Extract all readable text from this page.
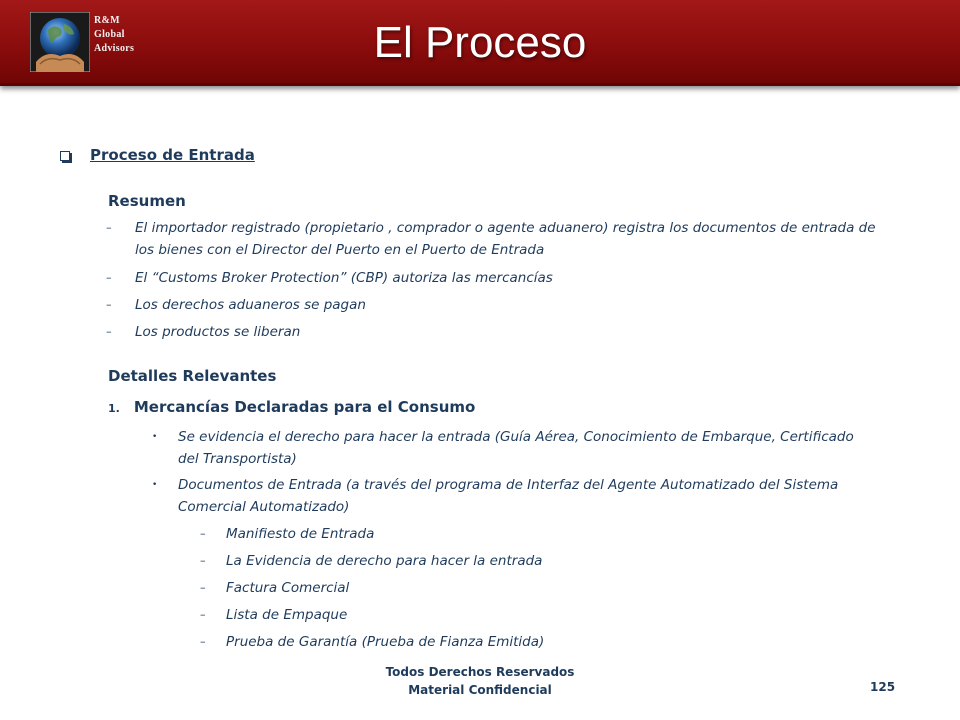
R&M
Global
Advisors	El Proceso
Proceso de Entrada
Resumen
– El importador registrado (propietario , comprador o agente aduanero) registra los documentos de entrada de los bienes con el Director del Puerto en el Puerto de Entrada
– El “Customs Broker Protection” (CBP) autoriza las mercancías
– Los derechos aduaneros se pagan
– Los productos se liberan
Detalles Relevantes
1. Mercancías Declaradas para el Consumo
• Se evidencia el derecho para hacer la entrada (Guía Aérea, Conocimiento de Embarque, Certificado del Transportista)
• Documentos de Entrada (a través del programa de Interfaz del Agente Automatizado del Sistema Comercial Automatizado)
– Manifiesto de Entrada
– La Evidencia de derecho para hacer la entrada
– Factura Comercial
– Lista de Empaque
– Prueba de Garantía (Prueba de Fianza Emitida)
Todos Derechos Reservados
Material Confidencial	125
